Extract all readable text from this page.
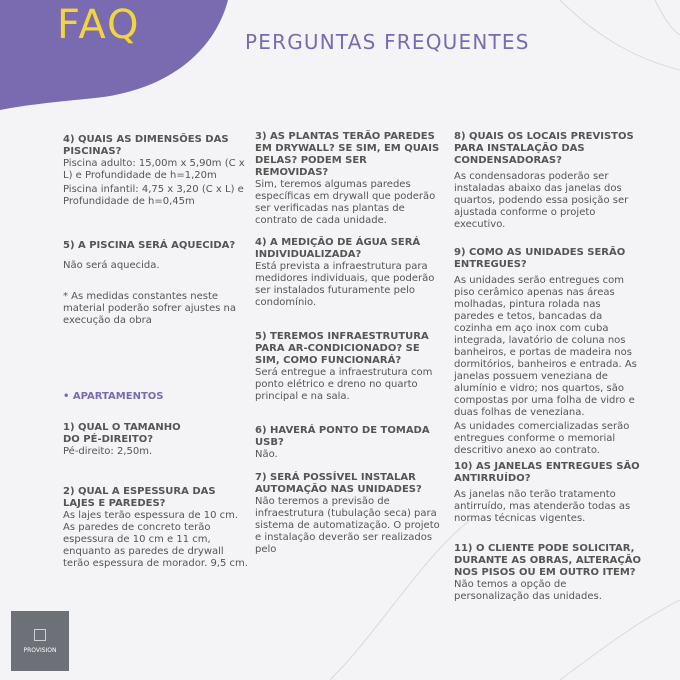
FAQ	PERGUNTAS FREQUENTES

4) QUAIS AS DIMENSÕES DAS PISCINAS?

Piscina adulto: 15,00m x 5,90m (C x L) e Profundidade de h=1,20m

Piscina infantil: 4,75 x 3,20 (C x L) e Profundidade de h=0,45m

5) A PISCINA SERÁ AQUECIDA?

Não será aquecida.

* As medidas constantes neste material poderão sofrer ajustes na execução da obra

• APARTAMENTOS

1) QUAL O TAMANHO DO PÉ-DIREITO?

Pé-direito: 2,50m.

2) QUAL A ESPESSURA DAS LAJES E PAREDES?

As lajes terão espessura de 10 cm. As paredes de concreto terão espessura de 10 cm e 11 cm, enquanto as paredes de drywall terão espessura de morador. 9,5 cm.

3) AS PLANTAS TERÃO PAREDES EM DRYWALL? SE SIM, EM QUAIS DELAS? PODEM SER REMOVIDAS?

Sim, teremos algumas paredes específicas em drywall que poderão ser verificadas nas plantas de contrato de cada unidade.

4) A MEDIÇÃO DE ÁGUA SERÁ INDIVIDUALIZADA?

Está prevista a infraestrutura para medidores individuais, que poderão ser instalados futuramente pelo condomínio.

5) TEREMOS INFRAESTRUTURA PARA AR-CONDICIONADO? SE SIM, COMO FUNCIONARÁ?

Será entregue a infraestrutura com ponto elétrico e dreno no quarto principal e na sala.

6) HAVERÁ PONTO DE TOMADA USB?

Não.

7) SERÁ POSSÍVEL INSTALAR AUTOMAÇÃO NAS UNIDADES?

Não teremos a previsão de infraestrutura (tubulação seca) para sistema de automatização. O projeto e instalação deverão ser realizados pelo

8) QUAIS OS LOCAIS PREVISTOS PARA INSTALAÇÃO DAS CONDENSADORAS?

As condensadoras poderão ser instaladas abaixo das janelas dos quartos, podendo essa posição ser ajustada conforme o projeto executivo.

9) COMO AS UNIDADES SERÃO ENTREGUES?

As unidades serão entregues com piso cerâmico apenas nas áreas molhadas, pintura rolada nas paredes e tetos, bancadas da cozinha em aço inox com cuba integrada, lavatório de coluna nos banheiros, e portas de madeira nos dormitórios, banheiros e entrada. As janelas possuem veneziana de alumínio e vidro; nos quartos, são compostas por uma folha de vidro e duas folhas de veneziana.

As unidades comercializadas serão entregues conforme o memorial descritivo anexo ao contrato.

10) AS JANELAS ENTREGUES SÃO ANTIRRUÍDO?

As janelas não terão tratamento antirruído, mas atenderão todas as normas técnicas vigentes.

11) O CLIENTE PODE SOLICITAR, DURANTE AS OBRAS, ALTERAÇÃO NOS PISOS OU EM OUTRO ITEM?

Não temos a opção de personalização das unidades.

PROVISION
